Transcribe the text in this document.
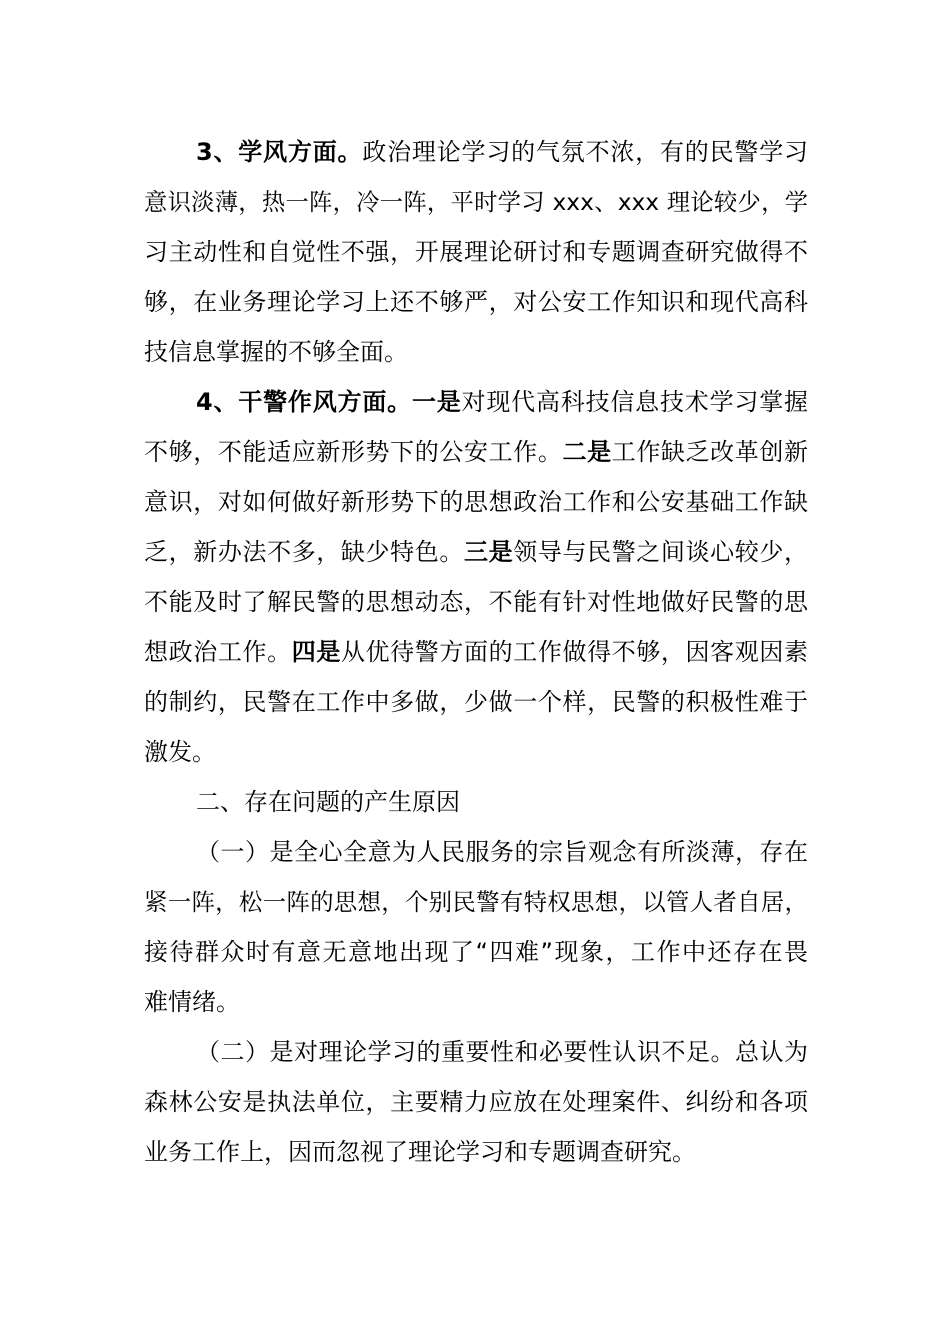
3、学风方面。政治理论学习的气氛不浓，有的民警学习
意识淡薄，热一阵，冷一阵，平时学习 xxx、xxx 理论较少，学
习主动性和自觉性不强，开展理论研讨和专题调查研究做得不
够，在业务理论学习上还不够严，对公安工作知识和现代高科
技信息掌握的不够全面。
4、干警作风方面。一是对现代高科技信息技术学习掌握
不够，不能适应新形势下的公安工作。二是工作缺乏改革创新
意识，对如何做好新形势下的思想政治工作和公安基础工作缺
乏，新办法不多，缺少特色。三是领导与民警之间谈心较少，
不能及时了解民警的思想动态，不能有针对性地做好民警的思
想政治工作。四是从优待警方面的工作做得不够，因客观因素
的制约，民警在工作中多做，少做一个样，民警的积极性难于
激发。
二、存在问题的产生原因
（一）是全心全意为人民服务的宗旨观念有所淡薄，存在
紧一阵，松一阵的思想，个别民警有特权思想，以管人者自居，
接待群众时有意无意地出现了“四难”现象，工作中还存在畏
难情绪。
（二）是对理论学习的重要性和必要性认识不足。总认为
森林公安是执法单位，主要精力应放在处理案件、纠纷和各项
业务工作上，因而忽视了理论学习和专题调查研究。
